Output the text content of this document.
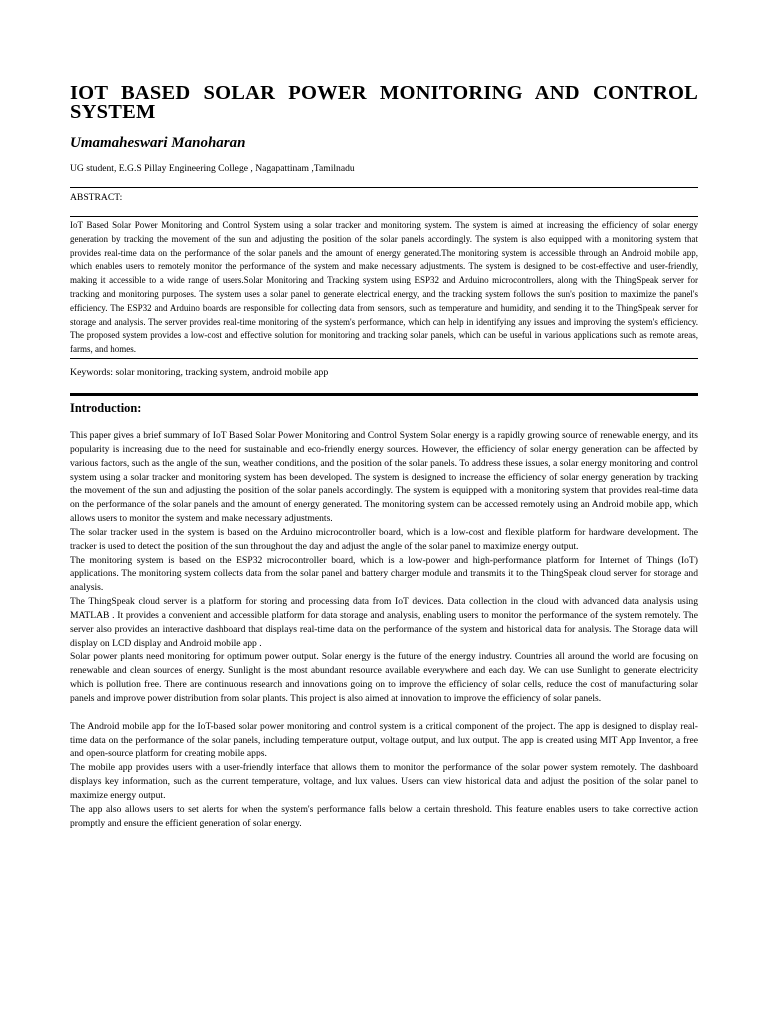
IOT BASED SOLAR POWER MONITORING AND CONTROL
SYSTEM
Umamaheswari Manoharan
UG student, E.G.S Pillay Engineering College , Nagapattinam ,Tamilnadu
ABSTRACT:
IoT Based Solar Power Monitoring and Control System using a solar tracker and monitoring system. The system is aimed at increasing the efficiency of solar energy generation by tracking the movement of the sun and adjusting the position of the solar panels accordingly. The system is also equipped with a monitoring system that provides real-time data on the performance of the solar panels and the amount of energy generated.The monitoring system is accessible through an Android mobile app, which enables users to remotely monitor the performance of the system and make necessary adjustments. The system is designed to be cost-effective and user-friendly, making it accessible to a wide range of users.Solar Monitoring and Tracking system using ESP32 and Arduino microcontrollers, along with the ThingSpeak server for tracking and monitoring purposes. The system uses a solar panel to generate electrical energy, and the tracking system follows the sun's position to maximize the panel's efficiency. The ESP32 and Arduino boards are responsible for collecting data from sensors, such as temperature and humidity, and sending it to the ThingSpeak server for storage and analysis. The server provides real-time monitoring of the system's performance, which can help in identifying any issues and improving the system's efficiency. The proposed system provides a low-cost and effective solution for monitoring and tracking solar panels, which can be useful in various applications such as remote areas, farms, and homes.
Keywords: solar monitoring, tracking system, android mobile app
Introduction:

This paper gives a brief summary of IoT Based Solar Power Monitoring and Control System Solar energy is a rapidly growing source of renewable energy, and its popularity is increasing due to the need for sustainable and eco-friendly energy sources. However, the efficiency of solar energy generation can be affected by various factors, such as the angle of the sun, weather conditions, and the position of the solar panels. To address these issues, a solar energy monitoring and control system using a solar tracker and monitoring system has been developed. The system is designed to increase the efficiency of solar energy generation by tracking the movement of the sun and adjusting the position of the solar panels accordingly. The system is equipped with a monitoring system that provides real-time data on the performance of the solar panels and the amount of energy generated. The monitoring system can be accessed remotely using an Android mobile app, which allows users to monitor the system and make necessary adjustments.

The solar tracker used in the system is based on the Arduino microcontroller board, which is a low-cost and flexible platform for hardware development. The tracker is used to detect the position of the sun throughout the day and adjust the angle of the solar panel to maximize energy output.

The monitoring system is based on the ESP32 microcontroller board, which is a low-power and high-performance platform for Internet of Things (IoT) applications. The monitoring system collects data from the solar panel and battery charger module and transmits it to the ThingSpeak cloud server for storage and analysis.

The ThingSpeak cloud server is a platform for storing and processing data from IoT devices. Data collection in the cloud with advanced data analysis using MATLAB . It provides a convenient and accessible platform for data storage and analysis, enabling users to monitor the performance of the system remotely. The server also provides an interactive dashboard that displays real-time data on the performance of the system and historical data for analysis. The Storage data will display on LCD display and Android mobile app .

Solar power plants need monitoring for optimum power output. Solar energy is the future of the energy industry. Countries all around the world are focusing on renewable and clean sources of energy. Sunlight is the most abundant resource available everywhere and each day. We can use Sunlight to generate electricity which is pollution free. There are continuous research and innovations going on to improve the efficiency of solar cells, reduce the cost of manufacturing solar panels and improve power distribution from solar plants. This project is also aimed at innovation to improve the efficiency of solar panels.

The Android mobile app for the IoT-based solar power monitoring and control system is a critical component of the project. The app is designed to display real-time data on the performance of the solar panels, including temperature output, voltage output, and lux output. The app is created using MIT App Inventor, a free and open-source platform for creating mobile apps.

The mobile app provides users with a user-friendly interface that allows them to monitor the performance of the solar power system remotely. The dashboard displays key information, such as the current temperature, voltage, and lux values. Users can view historical data and adjust the position of the solar panel to maximize energy output.

The app also allows users to set alerts for when the system's performance falls below a certain threshold. This feature enables users to take corrective action promptly and ensure the efficient generation of solar energy.
